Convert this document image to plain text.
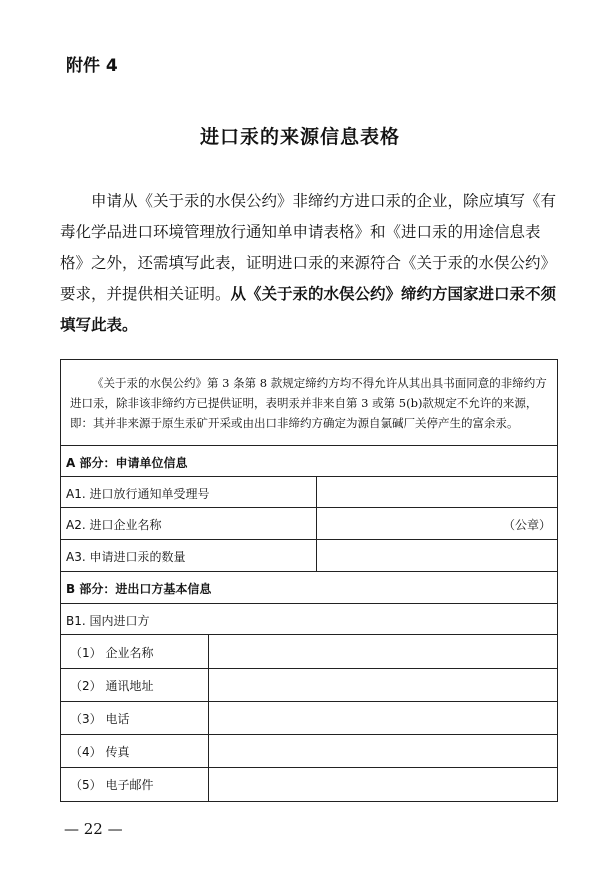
附件 4
进口汞的来源信息表格

申请从《关于汞的水俣公约》非缔约方进口汞的企业，除应填写《有毒化学品进口环境管理放行通知单申请表格》和《进口汞的用途信息表格》之外，还需填写此表，证明进口汞的来源符合《关于汞的水俣公约》要求，并提供相关证明。从《关于汞的水俣公约》缔约方国家进口汞不须填写此表。

《关于汞的水俣公约》第 3 条第 8 款规定缔约方均不得允许从其出具书面同意的非缔约方进口汞，除非该非缔约方已提供证明，表明汞并非来自第 3 或第 5(b)款规定不允许的来源，即：其并非来源于原生汞矿开采或由出口非缔约方确定为源自氯碱厂关停产生的富余汞。

A 部分：申请单位信息
A1. 进口放行通知单受理号
A2. 进口企业名称	（公章）
A3. 申请进口汞的数量
B 部分：进出口方基本信息
B1. 国内进口方
（1） 企业名称
（2） 通讯地址
（3） 电话
（4） 传真
（5） 电子邮件
— 22 —
